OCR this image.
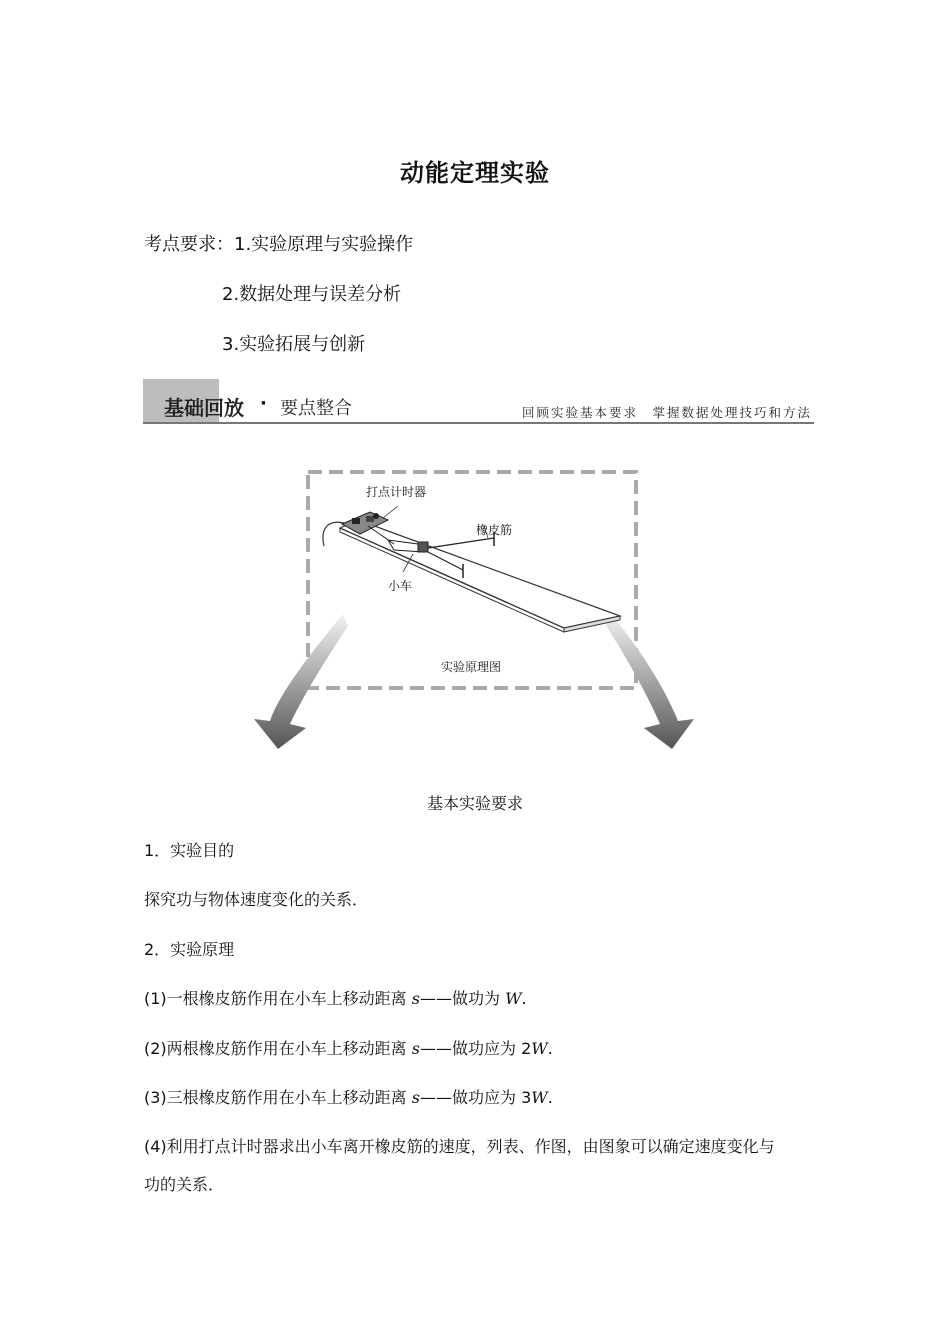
动能定理实验
考点要求：1.实验原理与实验操作
2.数据处理与误差分析
3.实验拓展与创新
基础回放 · 要点整合	回顾实验基本要求　掌握数据处理技巧和方法
打点计时器
橡皮筋
小车
实验原理图
基本实验要求
1．实验目的
探究功与物体速度变化的关系．
2．实验原理
(1)一根橡皮筋作用在小车上移动距离 s——做功为 W.
(2)两根橡皮筋作用在小车上移动距离 s——做功应为 2W.
(3)三根橡皮筋作用在小车上移动距离 s——做功应为 3W.
(4)利用打点计时器求出小车离开橡皮筋的速度，列表、作图，由图象可以确定速度变化与
功的关系．
